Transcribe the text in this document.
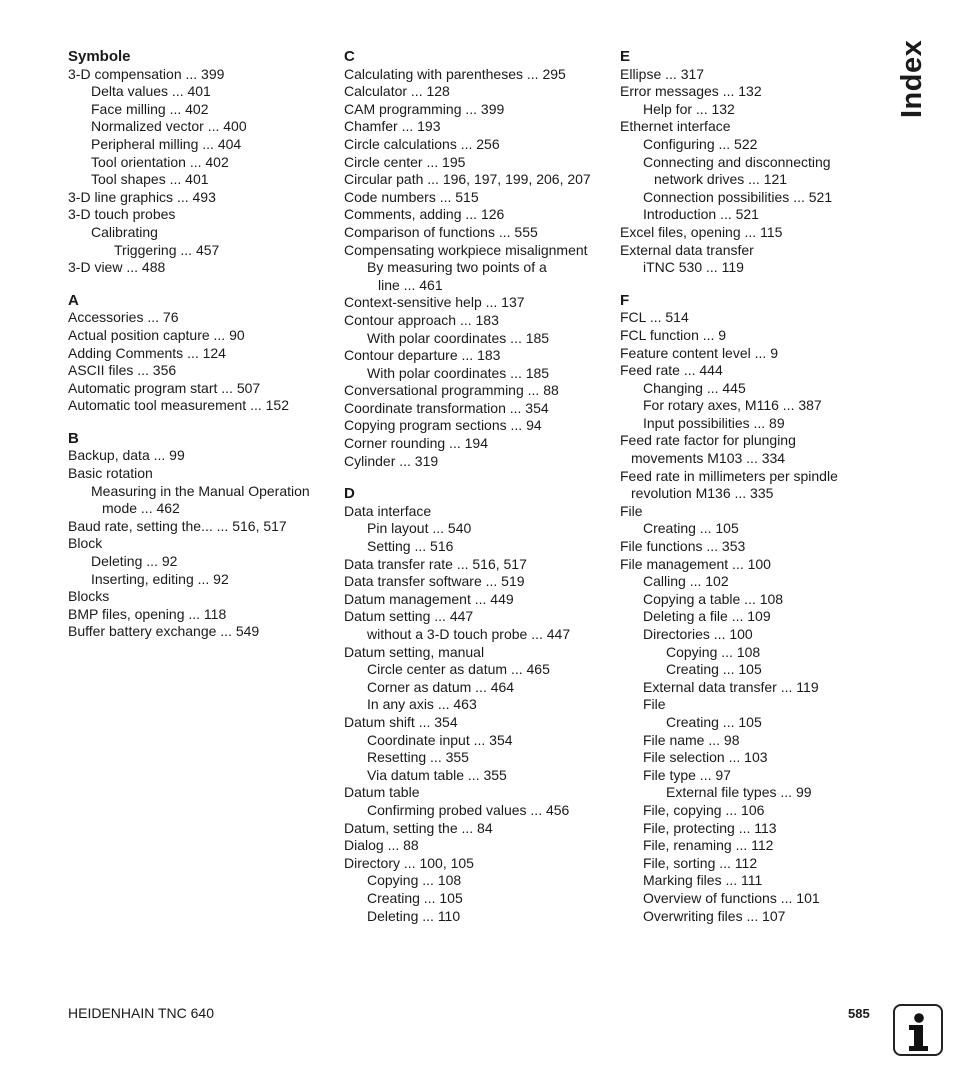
Symbole
3-D compensation ... 399
Delta values ... 401
Face milling ... 402
Normalized vector ... 400
Peripheral milling ... 404
Tool orientation ... 402
Tool shapes ... 401
3-D line graphics ... 493
3-D touch probes
Calibrating
Triggering ... 457
3-D view ... 488
A
Accessories ... 76
Actual position capture ... 90
Adding Comments ... 124
ASCII files ... 356
Automatic program start ... 507
Automatic tool measurement ... 152
B
Backup, data ... 99
Basic rotation
Measuring in the Manual Operation
mode ... 462
Baud rate, setting the... ... 516, 517
Block
Deleting ... 92
Inserting, editing ... 92
Blocks
BMP files, opening ... 118
Buffer battery exchange ... 549
C
Calculating with parentheses ... 295
Calculator ... 128
CAM programming ... 399
Chamfer ... 193
Circle calculations ... 256
Circle center ... 195
Circular path ... 196, 197, 199, 206, 207
Code numbers ... 515
Comments, adding ... 126
Comparison of functions ... 555
Compensating workpiece misalignment
By measuring two points of a
line ... 461
Context-sensitive help ... 137
Contour approach ... 183
With polar coordinates ... 185
Contour departure ... 183
With polar coordinates ... 185
Conversational programming ... 88
Coordinate transformation ... 354
Copying program sections ... 94
Corner rounding ... 194
Cylinder ... 319
D
Data interface
Pin layout ... 540
Setting ... 516
Data transfer rate ... 516, 517
Data transfer software ... 519
Datum management ... 449
Datum setting ... 447
without a 3-D touch probe ... 447
Datum setting, manual
Circle center as datum ... 465
Corner as datum ... 464
In any axis ... 463
Datum shift ... 354
Coordinate input ... 354
Resetting ... 355
Via datum table ... 355
Datum table
Confirming probed values ... 456
Datum, setting the ... 84
Dialog ... 88
Directory ... 100, 105
Copying ... 108
Creating ... 105
Deleting ... 110
E
Ellipse ... 317
Error messages ... 132
Help for ... 132
Ethernet interface
Configuring ... 522
Connecting and disconnecting
network drives ... 121
Connection possibilities ... 521
Introduction ... 521
Excel files, opening ... 115
External data transfer
iTNC 530 ... 119
F
FCL ... 514
FCL function ... 9
Feature content level ... 9
Feed rate ... 444
Changing ... 445
For rotary axes, M116 ... 387
Input possibilities ... 89
Feed rate factor for plunging
movements M103 ... 334
Feed rate in millimeters per spindle
revolution M136 ... 335
File
Creating ... 105
File functions ... 353
File management ... 100
Calling ... 102
Copying a table ... 108
Deleting a file ... 109
Directories ... 100
Copying ... 108
Creating ... 105
External data transfer ... 119
File
Creating ... 105
File name ... 98
File selection ... 103
File type ... 97
External file types ... 99
File, copying ... 106
File, protecting ... 113
File, renaming ... 112
File, sorting ... 112
Marking files ... 111
Overview of functions ... 101
Overwriting files ... 107
Index
HEIDENHAIN TNC 640	585
